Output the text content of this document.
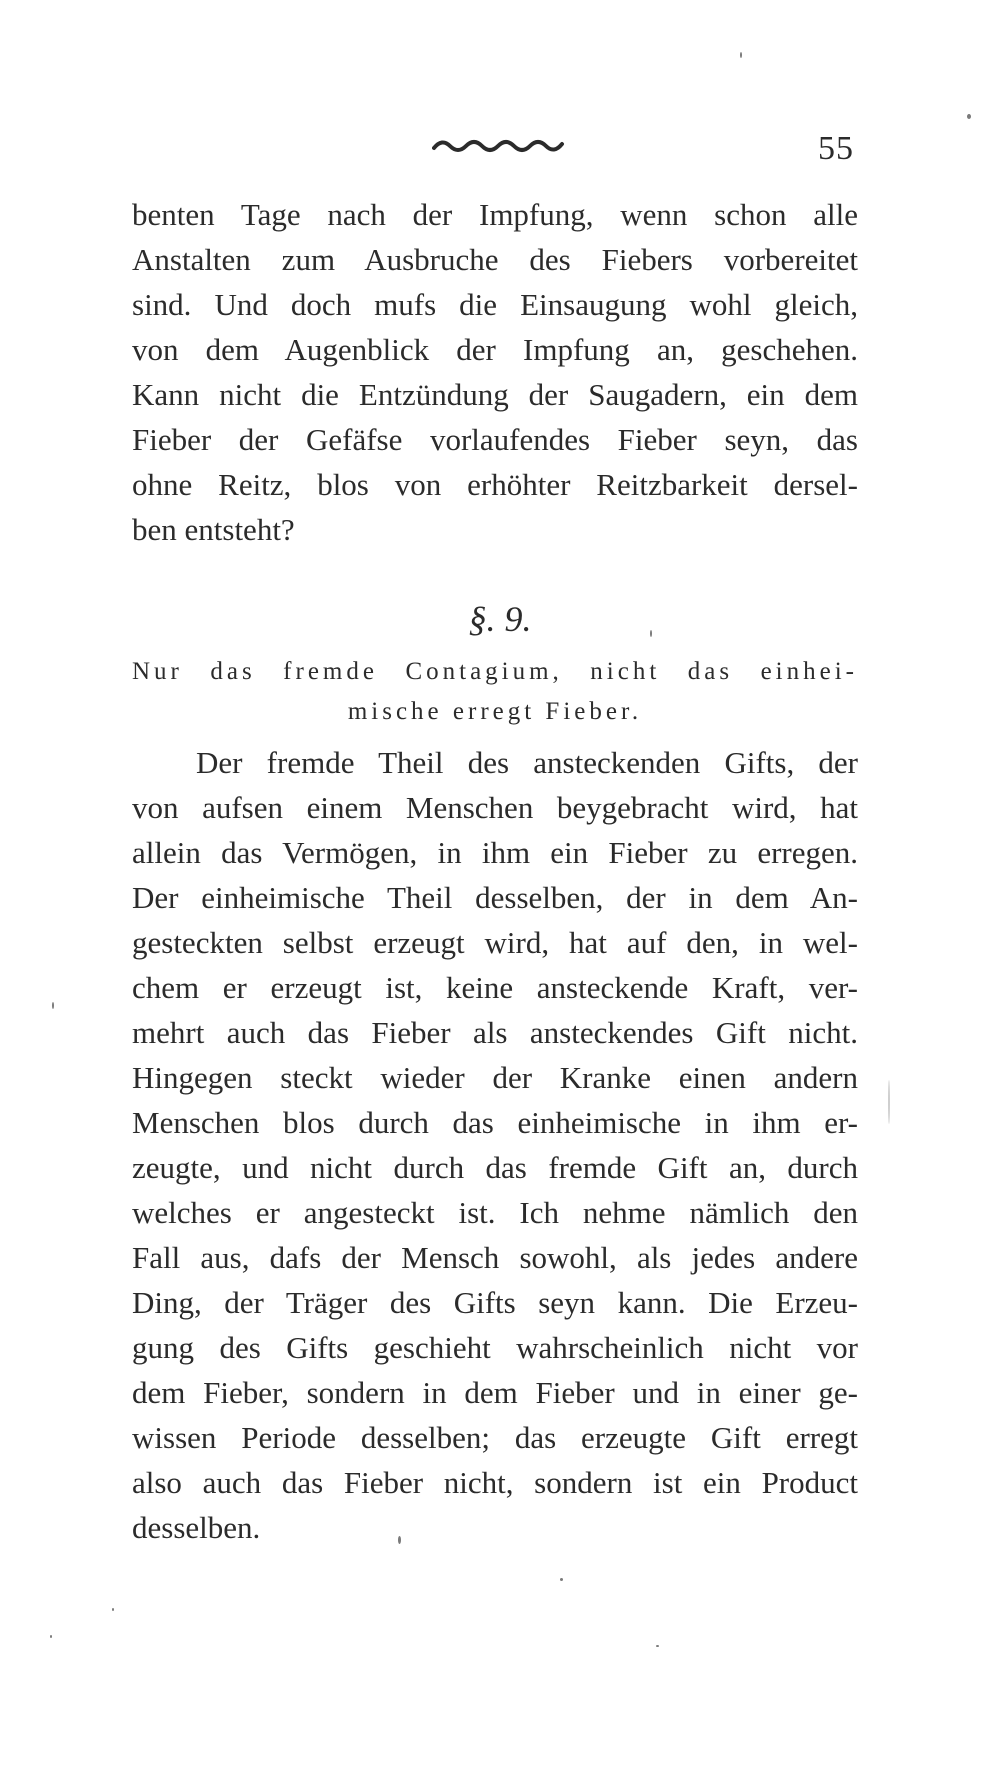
55
benten Tage nach der Impfung, wenn schon alle
Anstalten zum Ausbruche des Fiebers vorbereitet
sind. Und doch mufs die Einsaugung wohl gleich,
von dem Augenblick der Impfung an, geschehen.
Kann nicht die Entzündung der Saugadern, ein dem
Fieber der Gefäfse vorlaufendes Fieber seyn, das
ohne Reitz, blos von erhöhter Reitzbarkeit dersel-
ben entsteht?
§. 9.
Nur das fremde Contagium, nicht das einhei-
mische erregt Fieber.
Der fremde Theil des ansteckenden Gifts, der
von aufsen einem Menschen beygebracht wird, hat
allein das Vermögen, in ihm ein Fieber zu erregen.
Der einheimische Theil desselben, der in dem An-
gesteckten selbst erzeugt wird, hat auf den, in wel-
chem er erzeugt ist, keine ansteckende Kraft, ver-
mehrt auch das Fieber als ansteckendes Gift nicht.
Hingegen steckt wieder der Kranke einen andern
Menschen blos durch das einheimische in ihm er-
zeugte, und nicht durch das fremde Gift an, durch
welches er angesteckt ist. Ich nehme nämlich den
Fall aus, dafs der Mensch sowohl, als jedes andere
Ding, der Träger des Gifts seyn kann. Die Erzeu-
gung des Gifts geschieht wahrscheinlich nicht vor
dem Fieber, sondern in dem Fieber und in einer ge-
wissen Periode desselben; das erzeugte Gift erregt
also auch das Fieber nicht, sondern ist ein Product
desselben.
